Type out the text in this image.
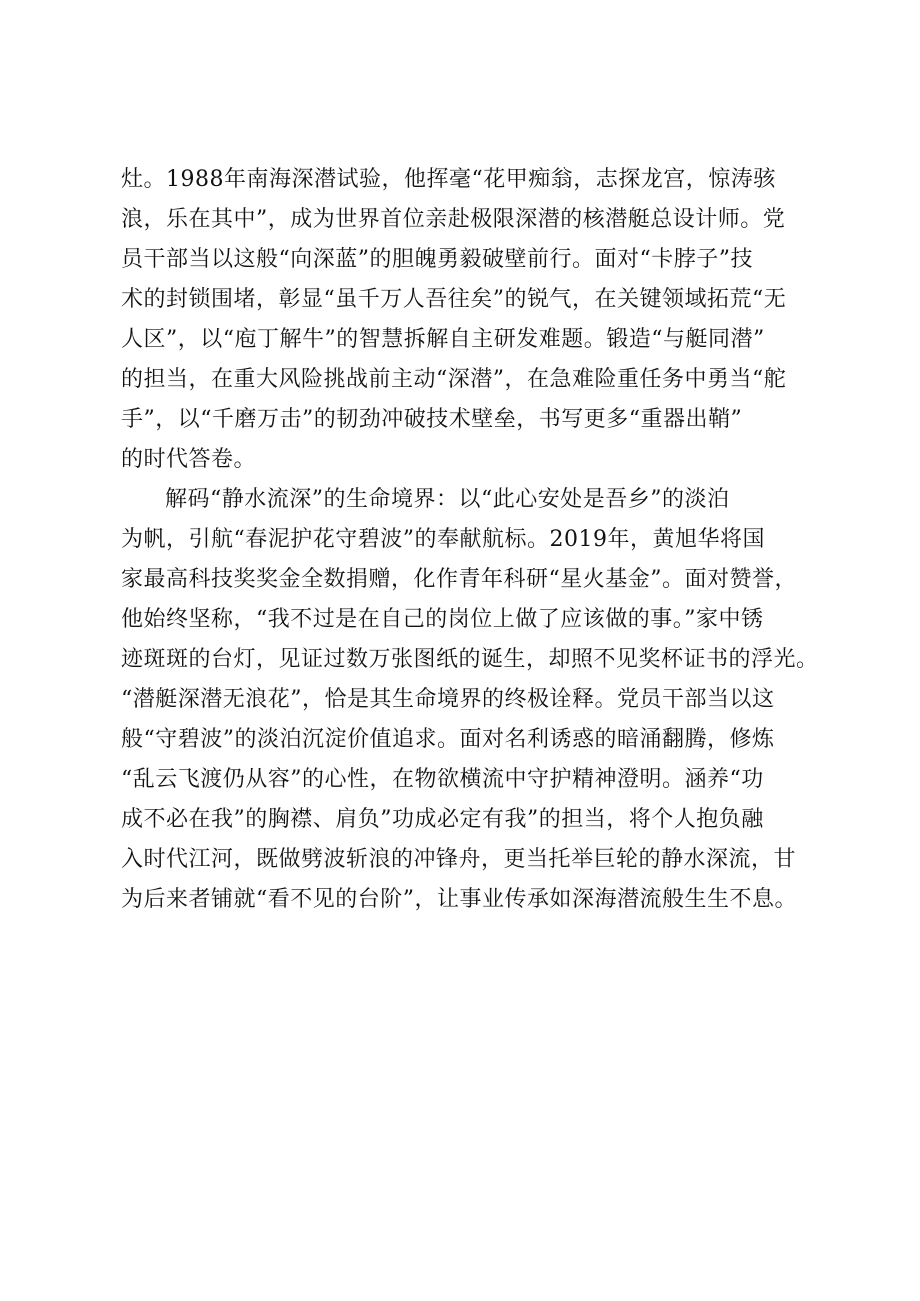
灶。1988年南海深潜试验，他挥毫“花甲痴翁，志探龙宫，惊涛骇
浪，乐在其中”，成为世界首位亲赴极限深潜的核潜艇总设计师。党
员干部当以这般“向深蓝”的胆魄勇毅破壁前行。面对“卡脖子”技
术的封锁围堵，彰显“虽千万人吾往矣”的锐气，在关键领域拓荒“无
人区”，以“庖丁解牛”的智慧拆解自主研发难题。锻造“与艇同潜”
的担当，在重大风险挑战前主动“深潜”，在急难险重任务中勇当“舵
手”，以“千磨万击”的韧劲冲破技术壁垒，书写更多“重器出鞘”
的时代答卷。

解码“静水流深”的生命境界：以“此心安处是吾乡”的淡泊
为帆，引航“春泥护花守碧波”的奉献航标。2019年，黄旭华将国
家最高科技奖奖金全数捐赠，化作青年科研“星火基金”。面对赞誉，
他始终坚称，“我不过是在自己的岗位上做了应该做的事。”家中锈
迹斑斑的台灯，见证过数万张图纸的诞生，却照不见奖杯证书的浮光。
“潜艇深潜无浪花”，恰是其生命境界的终极诠释。党员干部当以这
般“守碧波”的淡泊沉淀价值追求。面对名利诱惑的暗涌翻腾，修炼
“乱云飞渡仍从容”的心性，在物欲横流中守护精神澄明。涵养“功
成不必在我”的胸襟、肩负”功成必定有我”的担当，将个人抱负融
入时代江河，既做劈波斩浪的冲锋舟，更当托举巨轮的静水深流，甘
为后来者铺就“看不见的台阶”，让事业传承如深海潜流般生生不息。
